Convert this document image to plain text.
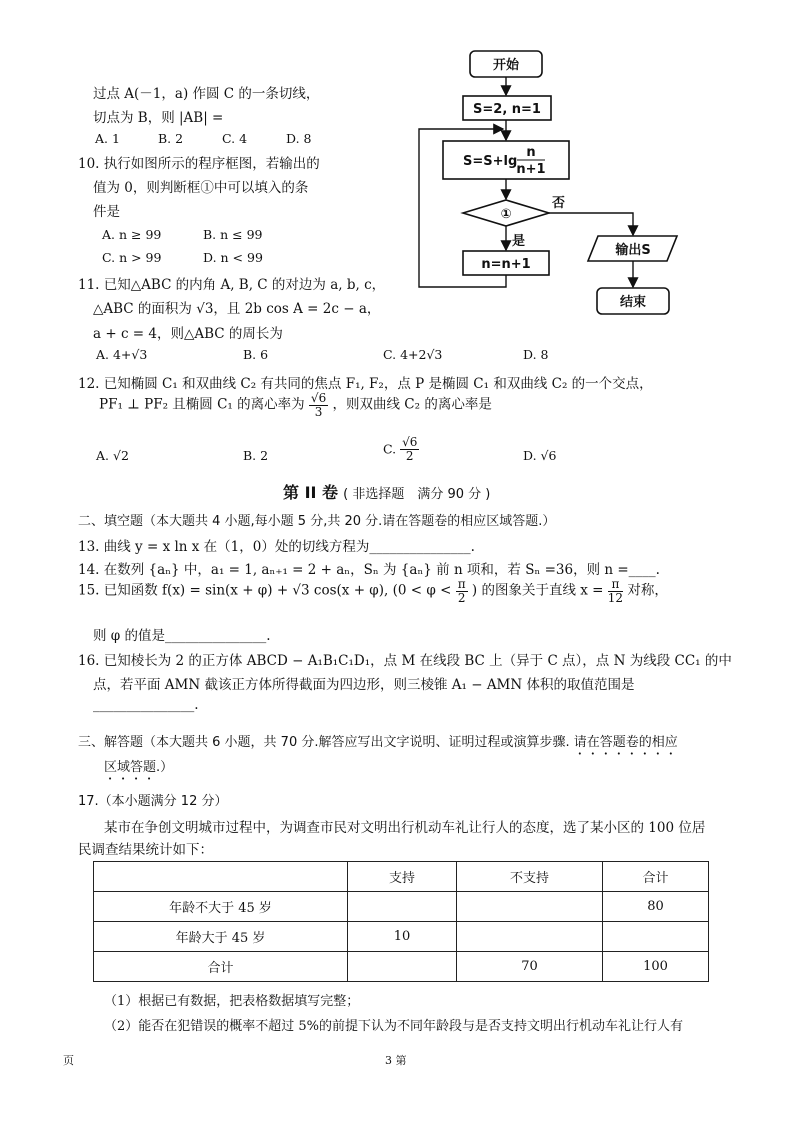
过点 A(－1，a) 作圆 C 的一条切线，
切点为 B，则 |AB| =
A. 1	B. 2	C. 4	D. 8
10. 执行如图所示的程序框图，若输出的
值为 0，则判断框①中可以填入的条
件是
A. n ≥ 99	B. n ≤ 99
C. n > 99	D. n < 99
开始
S=2, n=1
S=S+lg
n
n+1
①
否
是
n=n+1
输出S
结束
11. 已知△ABC 的内角 A, B, C 的对边为 a, b, c，
△ABC 的面积为 √3，且 2b cos A = 2c − a，
a + c = 4，则△ABC 的周长为
A. 4+√3	B. 6	C. 4+2√3	D. 8
12. 已知椭圆 C₁ 和双曲线 C₂ 有共同的焦点 F₁, F₂，点 P 是椭圆 C₁ 和双曲线 C₂ 的一个交点，
PF₁ ⊥ PF₂ 且椭圆 C₁ 的离心率为 $\frac{√6}{3}$ ，则双曲线 C₂ 的离心率是
A. √2	B. 2	C. $\frac{√6}{2}$	D. √6
第 II 卷 ( 非选择题　满分 90 分 )
二、填空题（本大题共 4 小题,每小题 5 分,共 20 分.请在答题卷的相应区域答题.）
13. 曲线 y = x ln x 在（1，0）处的切线方程为_______________.
14. 在数列 {aₙ} 中，a₁ = 1, aₙ₊₁ = 2 + aₙ，Sₙ 为 {aₙ} 前 n 项和，若 Sₙ =36，则 n =____.
15. 已知函数 f(x) = sin(x + φ) + √3 cos(x + φ), ($0 < \varphi < \frac{\pi}{2}$ ) 的图象关于直线 $x = \frac{\pi}{12}$ 对称，
则 φ 的值是_______________.
16. 已知棱长为 2 的正方体 ABCD − A₁B₁C₁D₁，点 M 在线段 BC 上（异于 C 点），点 N 为线段 CC₁ 的中
点，若平面 AMN 截该正方体所得截面为四边形，则三棱锥 A₁ − AMN 体积的取值范围是
_______________.
三、解答题（本大题共 6 小题，共 70 分.解答应写出文字说明、证明过程或演算步骤. 请在答题卷的相应
区域答题.）
17.（本小题满分 12 分）
某市在争创文明城市过程中，为调查市民对文明出行机动车礼让行人的态度，选了某小区的 100 位居
民调查结果统计如下：
	支持	不支持	合计
年龄不大于 45 岁			80
年龄大于 45 岁	10		
合计		70	100
（1）根据已有数据，把表格数据填写完整；
（2）能否在犯错误的概率不超过 5%的前提下认为不同年龄段与是否支持文明出行机动车礼让行人有
页	3 第
